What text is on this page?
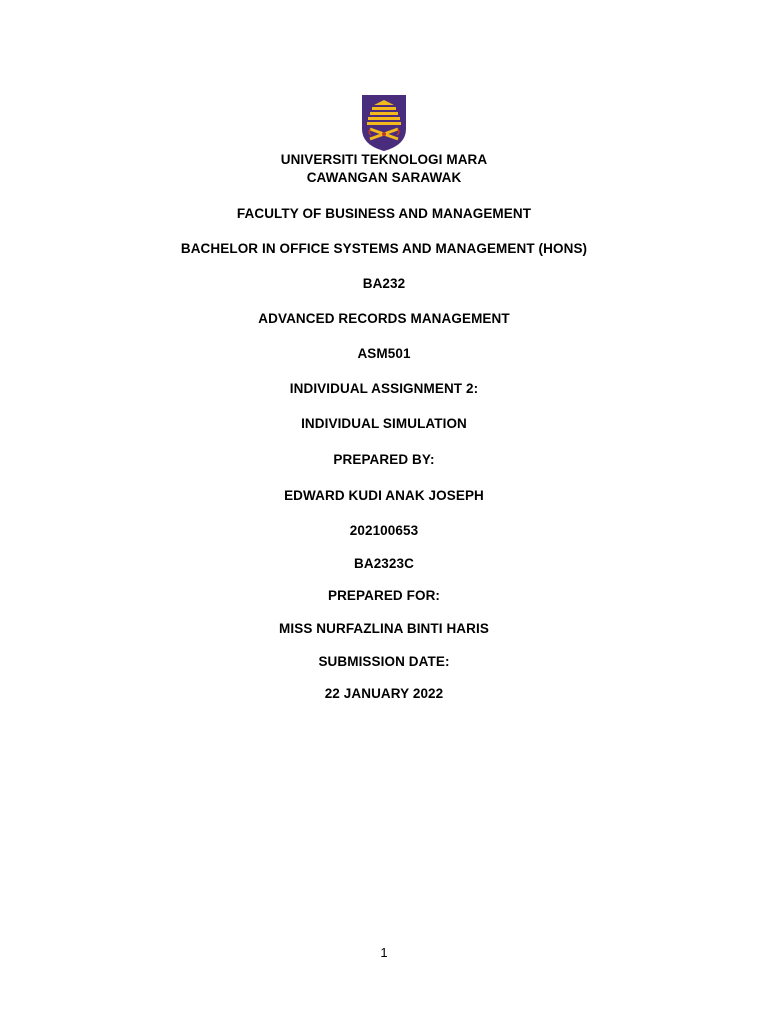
UNIVERSITI TEKNOLOGI MARA
CAWANGAN SARAWAK
FACULTY OF BUSINESS AND MANAGEMENT
BACHELOR IN OFFICE SYSTEMS AND MANAGEMENT (HONS)
BA232
ADVANCED RECORDS MANAGEMENT
ASM501
INDIVIDUAL ASSIGNMENT 2:
INDIVIDUAL SIMULATION
PREPARED BY:
EDWARD KUDI ANAK JOSEPH
202100653
BA2323C
PREPARED FOR:
MISS NURFAZLINA BINTI HARIS
SUBMISSION DATE:
22 JANUARY 2022
1
